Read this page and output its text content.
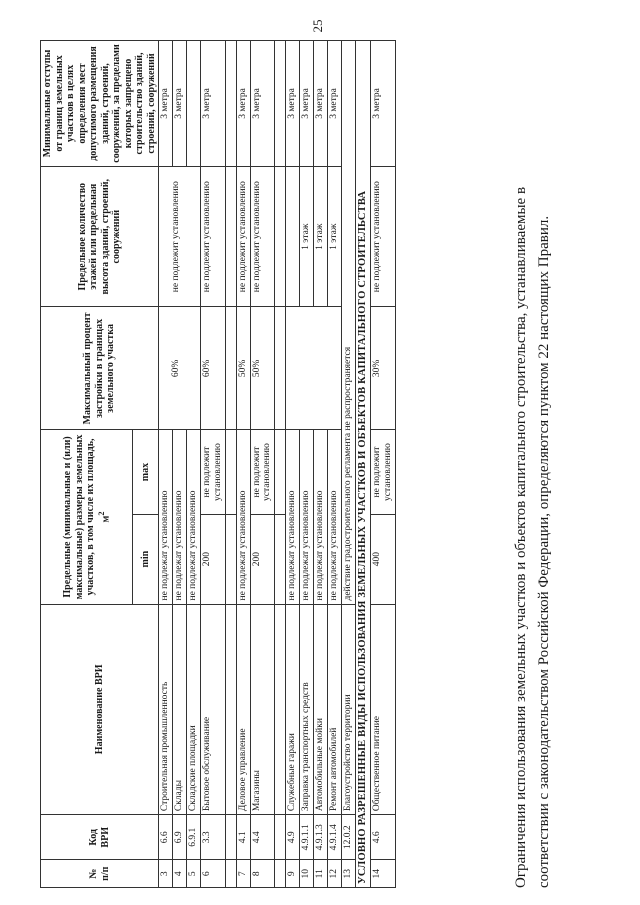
25
№ п/п	Код ВРИ	Наименование ВРИ	Предельные (минимальные и (или) максимальные) размеры земельных участков, в том числе их площадь, $м^2$		Максимальный процент застройки в границах земельного участка	Предельное количество этажей или предельная высота зданий, строений, сооружений	Минимальные отступы от границ земельных участков в целях определения мест допустимого размещения зданий, строений, сооружений, за пределами которых запрещено строительство зданий, строений, сооружений
			min	max			
3	6.6	Строительная промышленность	не подлежат установлению		60%	не подлежит установлению	3 метра
4	6.9	Склады	не подлежат установлению				3 метра
5	6.9.1	Складские площадки	не подлежат установлению				
6	3.3	Бытовое обслуживание	200	не подлежит установлению	60%	не подлежит установлению	3 метра

7	4.1	Деловое управление	не подлежат установлению		50%	не подлежит установлению	3 метра
8	4.4	Магазины	200	не подлежит установлению	50%	не подлежит установлению	3 метра

9	4.9	Служебные гаражи	не подлежат установлению				3 метра
10	4.9.1.1	Заправка транспортных средств	не подлежат установлению			1 этаж	3 метра
11	4.9.1.3	Автомобильные мойки	не подлежат установлению			1 этаж	3 метра
12	4.9.1.4	Ремонт автомобилей	не подлежат установлению			1 этаж	3 метра
13	12.0.2	Благоустройство территории	действие градостроительного регламента не распространяется				
УСЛОВНО РАЗРЕШЕННЫЕ ВИДЫ ИСПОЛЬЗОВАНИЯ ЗЕМЕЛЬНЫХ УЧАСТКОВ И ОБЪЕКТОВ КАПИТАЛЬНОГО СТРОИТЕЛЬСТВА							
14	4.6	Общественное питание	400	не подлежит установлению	30%	не подлежит установлению	3 метра
Ограничения использования земельных участков и объектов капитального строительства, устанавливаемые в соответствии с законодательством Российской Федерации, определяются пунктом 22 настоящих Правил.
